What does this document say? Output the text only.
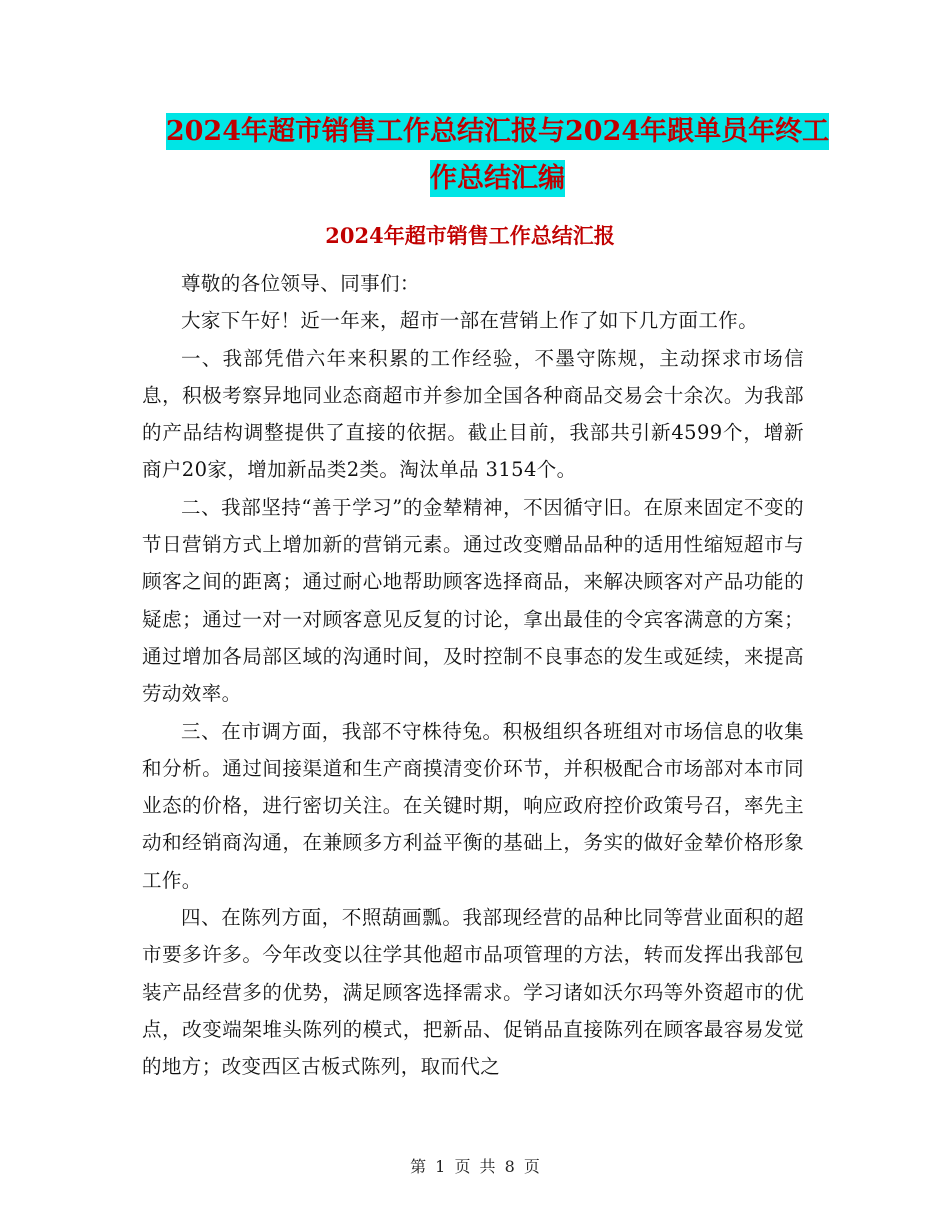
2024年超市销售工作总结汇报与2024年跟单员年终工
作总结汇编
2024年超市销售工作总结汇报

尊敬的各位领导、同事们：

大家下午好！近一年来，超市一部在营销上作了如下几方面工作。

一、我部凭借六年来积累的工作经验，不墨守陈规，主动探求市场信息，积极考察异地同业态商超市并参加全国各种商品交易会十余次。为我部的产品结构调整提供了直接的依据。截止目前，我部共引新4599个，增新商户20家，增加新品类2类。淘汰单品 3154个。

二、我部坚持“善于学习”的金辇精神，不因循守旧。在原来固定不变的节日营销方式上增加新的营销元素。通过改变赠品品种的适用性缩短超市与顾客之间的距离；通过耐心地帮助顾客选择商品，来解决顾客对产品功能的疑虑；通过一对一对顾客意见反复的讨论，拿出最佳的令宾客满意的方案；通过增加各局部区域的沟通时间，及时控制不良事态的发生或延续，来提高劳动效率。

三、在市调方面，我部不守株待兔。积极组织各班组对市场信息的收集和分析。通过间接渠道和生产商摸清变价环节，并积极配合市场部对本市同业态的价格，进行密切关注。在关键时期，响应政府控价政策号召，率先主动和经销商沟通，在兼顾多方利益平衡的基础上，务实的做好金辇价格形象工作。

四、在陈列方面，不照葫画瓢。我部现经营的品种比同等营业面积的超市要多许多。今年改变以往学其他超市品项管理的方法，转而发挥出我部包装产品经营多的优势，满足顾客选择需求。学习诸如沃尔玛等外资超市的优点，改变端架堆头陈列的模式，把新品、促销品直接陈列在顾客最容易发觉的地方；改变西区古板式陈列，取而代之

第 1 页 共 8 页
